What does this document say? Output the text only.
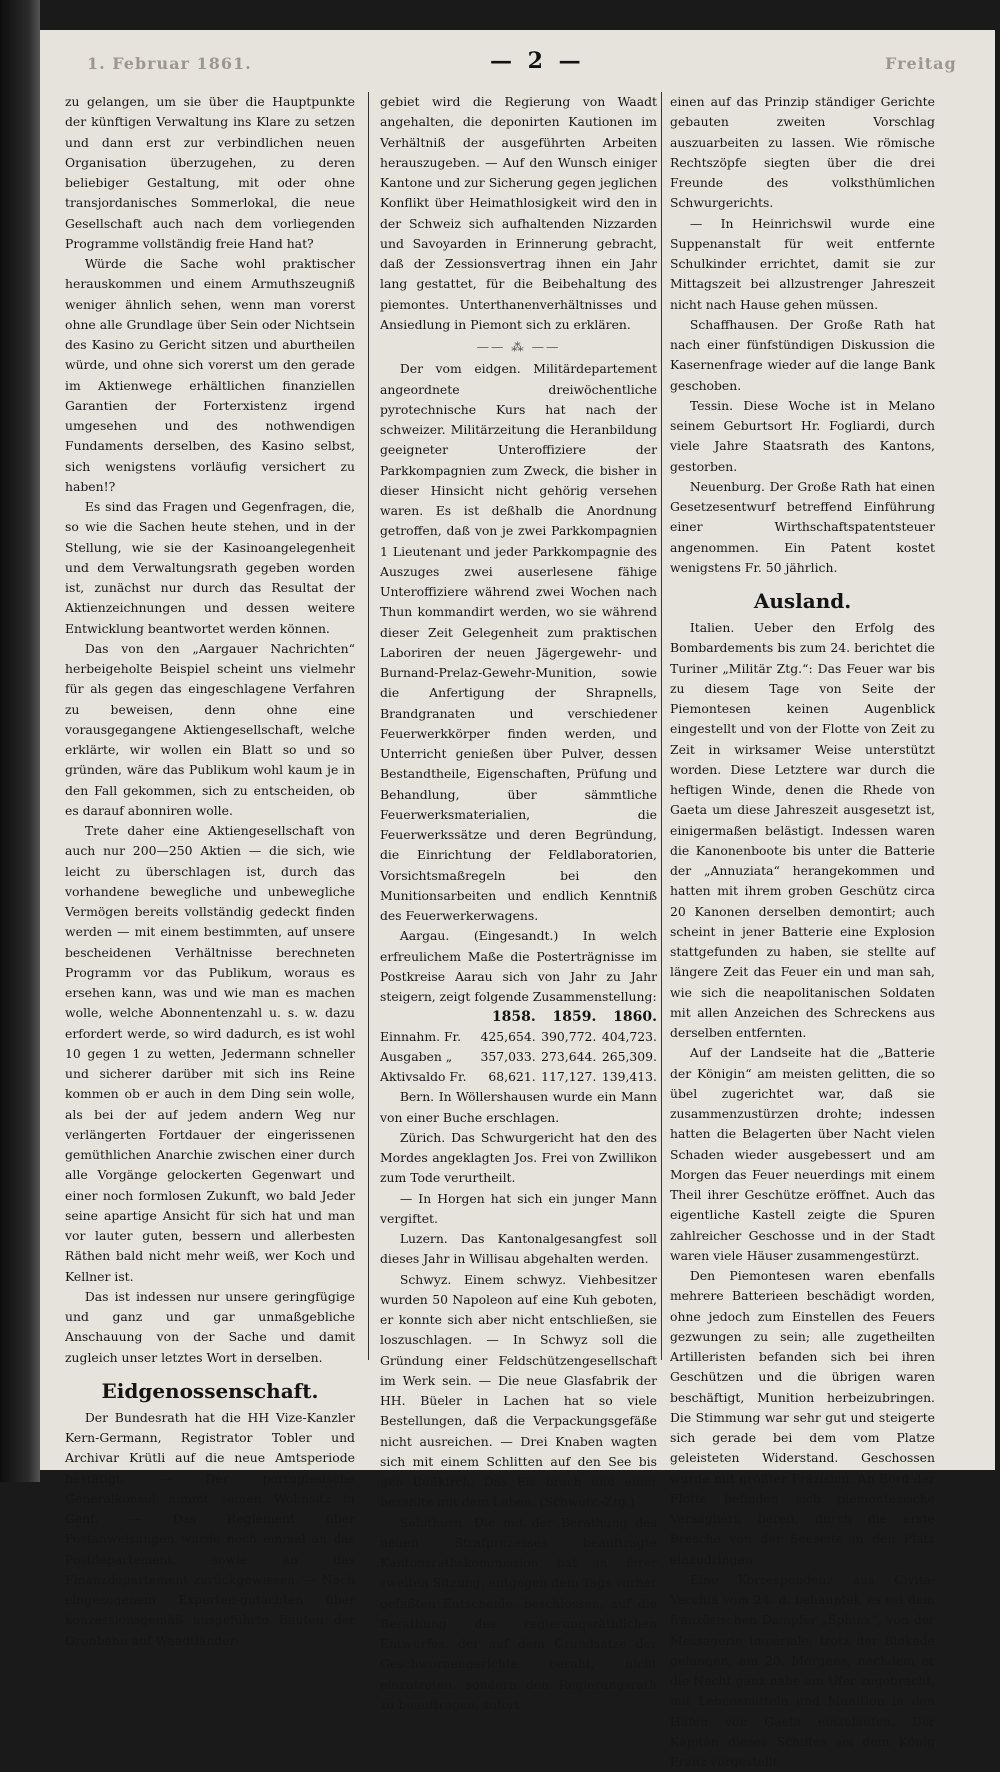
1. Februar 1861.	— 2 —	Freitag

zu gelangen, um sie über die Hauptpunkte der künftigen Verwaltung ins Klare zu setzen und dann erst zur verbindlichen neuen Organisation überzugehen, zu deren beliebiger Gestaltung, mit oder ohne transjordanisches Sommerlokal, die neue Gesellschaft auch nach dem vorliegenden Programme vollständig freie Hand hat?

Würde die Sache wohl praktischer herauskommen und einem Armuthszeugniß weniger ähnlich sehen, wenn man vorerst ohne alle Grundlage über Sein oder Nichtsein des Kasino zu Gericht sitzen und aburtheilen würde, und ohne sich vorerst um den gerade im Aktienwege erhältlichen finanziellen Garantien der Forterxistenz irgend umgesehen und des nothwendigen Fundaments derselben, des Kasino selbst, sich wenigstens vorläufig versichert zu haben!?

Es sind das Fragen und Gegenfragen, die, so wie die Sachen heute stehen, und in der Stellung, wie sie der Kasinoangelegenheit und dem Verwaltungsrath gegeben worden ist, zunächst nur durch das Resultat der Aktienzeichnungen und dessen weitere Entwicklung beantwortet werden können.

Das von den „Aargauer Nachrichten“ herbeigeholte Beispiel scheint uns vielmehr für als gegen das eingeschlagene Verfahren zu beweisen, denn ohne eine vorausgegangene Aktiengesellschaft, welche erklärte, wir wollen ein Blatt so und so gründen, wäre das Publikum wohl kaum je in den Fall gekommen, sich zu entscheiden, ob es darauf abonniren wolle.

Trete daher eine Aktiengesellschaft von auch nur 200—250 Aktien — die sich, wie leicht zu überschlagen ist, durch das vorhandene bewegliche und unbewegliche Vermögen bereits vollständig gedeckt finden werden — mit einem bestimmten, auf unsere bescheidenen Verhältnisse berechneten Programm vor das Publikum, woraus es ersehen kann, was und wie man es machen wolle, welche Abonnentenzahl u. s. w. dazu erfordert werde, so wird dadurch, es ist wohl 10 gegen 1 zu wetten, Jedermann schneller und sicherer darüber mit sich ins Reine kommen ob er auch in dem Ding sein wolle, als bei der auf jedem andern Weg nur verlängerten Fortdauer der eingerissenen gemüthlichen Anarchie zwischen einer durch alle Vorgänge gelockerten Gegenwart und einer noch formlosen Zukunft, wo bald Jeder seine apartige Ansicht für sich hat und man vor lauter guten, bessern und allerbesten Räthen bald nicht mehr weiß, wer Koch und Kellner ist.

Das ist indessen nur unsere geringfügige und ganz und gar unmaßgebliche Anschauung von der Sache und damit zugleich unser letztes Wort in derselben.

Eidgenossenschaft.

Der Bundesrath hat die HH Vize-Kanzler Kern-Germann, Registrator Tobler und Archivar Krütli auf die neue Amtsperiode bestätigt. — Der portugiesische Generalkonsul nimmt seinen Wohnsitz in Genf. — Das Reglement über Postanweisungen wurde noch einmal an das Postdepartement, sowie an das Finanzdepartement zurückgewiesen. — Nach eingezogenem Experten-gutachten über konzessionsgemäß ausgeführte Bauten der Oronbahn auf Waadtländer-

gebiet wird die Regierung von Waadt angehalten, die deponirten Kautionen im Verhältniß der ausgeführten Arbeiten herauszugeben. — Auf den Wunsch einiger Kantone und zur Sicherung gegen jeglichen Konflikt über Heimathlosigkeit wird den in der Schweiz sich aufhaltenden Nizzarden und Savoyarden in Erinnerung gebracht, daß der Zessionsvertrag ihnen ein Jahr lang gestattet, für die Beibehaltung des piemontes. Unterthanenverhältnisses und Ansiedlung in Piemont sich zu erklären.

—— ⁂ ——

Der vom eidgen. Militärdepartement angeordnete dreiwöchentliche pyrotechnische Kurs hat nach der schweizer. Militärzeitung die Heranbildung geeigneter Unteroffiziere der Parkkompagnien zum Zweck, die bisher in dieser Hinsicht nicht gehörig versehen waren. Es ist deßhalb die Anordnung getroffen, daß von je zwei Parkkompagnien 1 Lieutenant und jeder Parkkompagnie des Auszuges zwei auserlesene fähige Unteroffiziere während zwei Wochen nach Thun kommandirt werden, wo sie während dieser Zeit Gelegenheit zum praktischen Laboriren der neuen Jägergewehr- und Burnand-Prelaz-Gewehr-Munition, sowie die Anfertigung der Shrapnells, Brandgranaten und verschiedener Feuerwerkkörper finden werden, und Unterricht genießen über Pulver, dessen Bestandtheile, Eigenschaften, Prüfung und Behandlung, über sämmtliche Feuerwerksmaterialien, die Feuerwerkssätze und deren Begründung, die Einrichtung der Feldlaboratorien, Vorsichtsmaßregeln bei den Munitionsarbeiten und endlich Kenntniß des Feuerwerkerwagens.

Aargau. (Eingesandt.) In welch erfreulichem Maße die Posterträgnisse im Postkreise Aarau sich von Jahr zu Jahr steigern, zeigt folgende Zusammenstellung:

	1858.	1859.	1860.
Einnahm. Fr.	425,654.	390,772.	404,723.
Ausgaben „	357,033.	273,644.	265,309.
Aktivsaldo Fr.	68,621.	117,127.	139,413.

Bern. In Wöllershausen wurde ein Mann von einer Buche erschlagen.

Zürich. Das Schwurgericht hat den des Mordes angeklagten Jos. Frei von Zwillikon zum Tode verurtheilt.

— In Horgen hat sich ein junger Mann vergiftet.

Luzern. Das Kantonalgesangfest soll dieses Jahr in Willisau abgehalten werden.

Schwyz. Einem schwyz. Viehbesitzer wurden 50 Napoleon auf eine Kuh geboten, er konnte sich aber nicht entschließen, sie loszuschlagen. — In Schwyz soll die Gründung einer Feldschützengesellschaft im Werk sein. — Die neue Glasfabrik der HH. Büeler in Lachen hat so viele Bestellungen, daß die Verpackungsgefäße nicht ausreichen. — Drei Knaben wagten sich mit einem Schlitten auf den See bis gen Bußkirch. Das Eis brach und einer bezahlte mit dem Leben. (Schweiz.-Ztg.)

Solothurn. Die mit der Berathung des neuen Strafprozesses beauftragte Kantonsrathskommission hat in ihrer zweiten Sitzung, entgegen dem Tags vorher gefaßten Entscheide, beschlossen, auf die Berathung des regierungsräthlichen Entwurfes, der auf dem Grundsatze der Geschwornengerichte beruht, nicht einzutreten, sondern den Regierungsrath zu beauftragen, sofort

einen auf das Prinzip ständiger Gerichte gebauten zweiten Vorschlag auszuarbeiten zu lassen. Wie römische Rechtszöpfe siegten über die drei Freunde des volksthümlichen Schwurgerichts.

— In Heinrichswil wurde eine Suppenanstalt für weit entfernte Schulkinder errichtet, damit sie zur Mittagszeit bei allzustrenger Jahreszeit nicht nach Hause gehen müssen.

Schaffhausen. Der Große Rath hat nach einer fünfstündigen Diskussion die Kasernenfrage wieder auf die lange Bank geschoben.

Tessin. Diese Woche ist in Melano seinem Geburtsort Hr. Fogliardi, durch viele Jahre Staatsrath des Kantons, gestorben.

Neuenburg. Der Große Rath hat einen Gesetzesentwurf betreffend Einführung einer Wirthschaftspatentsteuer angenommen. Ein Patent kostet wenigstens Fr. 50 jährlich.

Ausland.

Italien. Ueber den Erfolg des Bombardements bis zum 24. berichtet die Turiner „Militär Ztg.“: Das Feuer war bis zu diesem Tage von Seite der Piemontesen keinen Augenblick eingestellt und von der Flotte von Zeit zu Zeit in wirksamer Weise unterstützt worden. Diese Letztere war durch die heftigen Winde, denen die Rhede von Gaeta um diese Jahreszeit ausgesetzt ist, einigermaßen belästigt. Indessen waren die Kanonenboote bis unter die Batterie der „Annuziata“ herangekommen und hatten mit ihrem groben Geschütz circa 20 Kanonen derselben demontirt; auch scheint in jener Batterie eine Explosion stattgefunden zu haben, sie stellte auf längere Zeit das Feuer ein und man sah, wie sich die neapolitanischen Soldaten mit allen Anzeichen des Schreckens aus derselben entfernten.

Auf der Landseite hat die „Batterie der Königin“ am meisten gelitten, die so übel zugerichtet war, daß sie zusammenzustürzen drohte; indessen hatten die Belagerten über Nacht vielen Schaden wieder ausgebessert und am Morgen das Feuer neuerdings mit einem Theil ihrer Geschütze eröffnet. Auch das eigentliche Kastell zeigte die Spuren zahlreicher Geschosse und in der Stadt waren viele Häuser zusammengestürzt.

Den Piemontesen waren ebenfalls mehrere Batterieen beschädigt worden, ohne jedoch zum Einstellen des Feuers gezwungen zu sein; alle zugetheilten Artilleristen befanden sich bei ihren Geschützen und die übrigen waren beschäftigt, Munition herbeizubringen. Die Stimmung war sehr gut und steigerte sich gerade bei dem vom Platze geleisteten Widerstand. Geschossen wurde mit größter Präzision. An Bord der Flotte befinden sich piemontesische Versaglieri, bereit, durch die erste Bresche von der Seeseite in den Platz einzudringen.

Eine Korrespondenz aus Civita-Vecchia vom 24. d. behauptet, es sei dem französischen Dampfer „Sphinx“, von der Messagerie impériale, trotz der Blokade gelungen, am 20. Morgens, nachdem er die Nacht ganz nahe am Ufer zugebracht, mit Lebensmitteln und Munition in den Hafen von Gaeta einzulaufen. Der Kapitän dieses Schiffes sei dem König Franz vorgestellt
